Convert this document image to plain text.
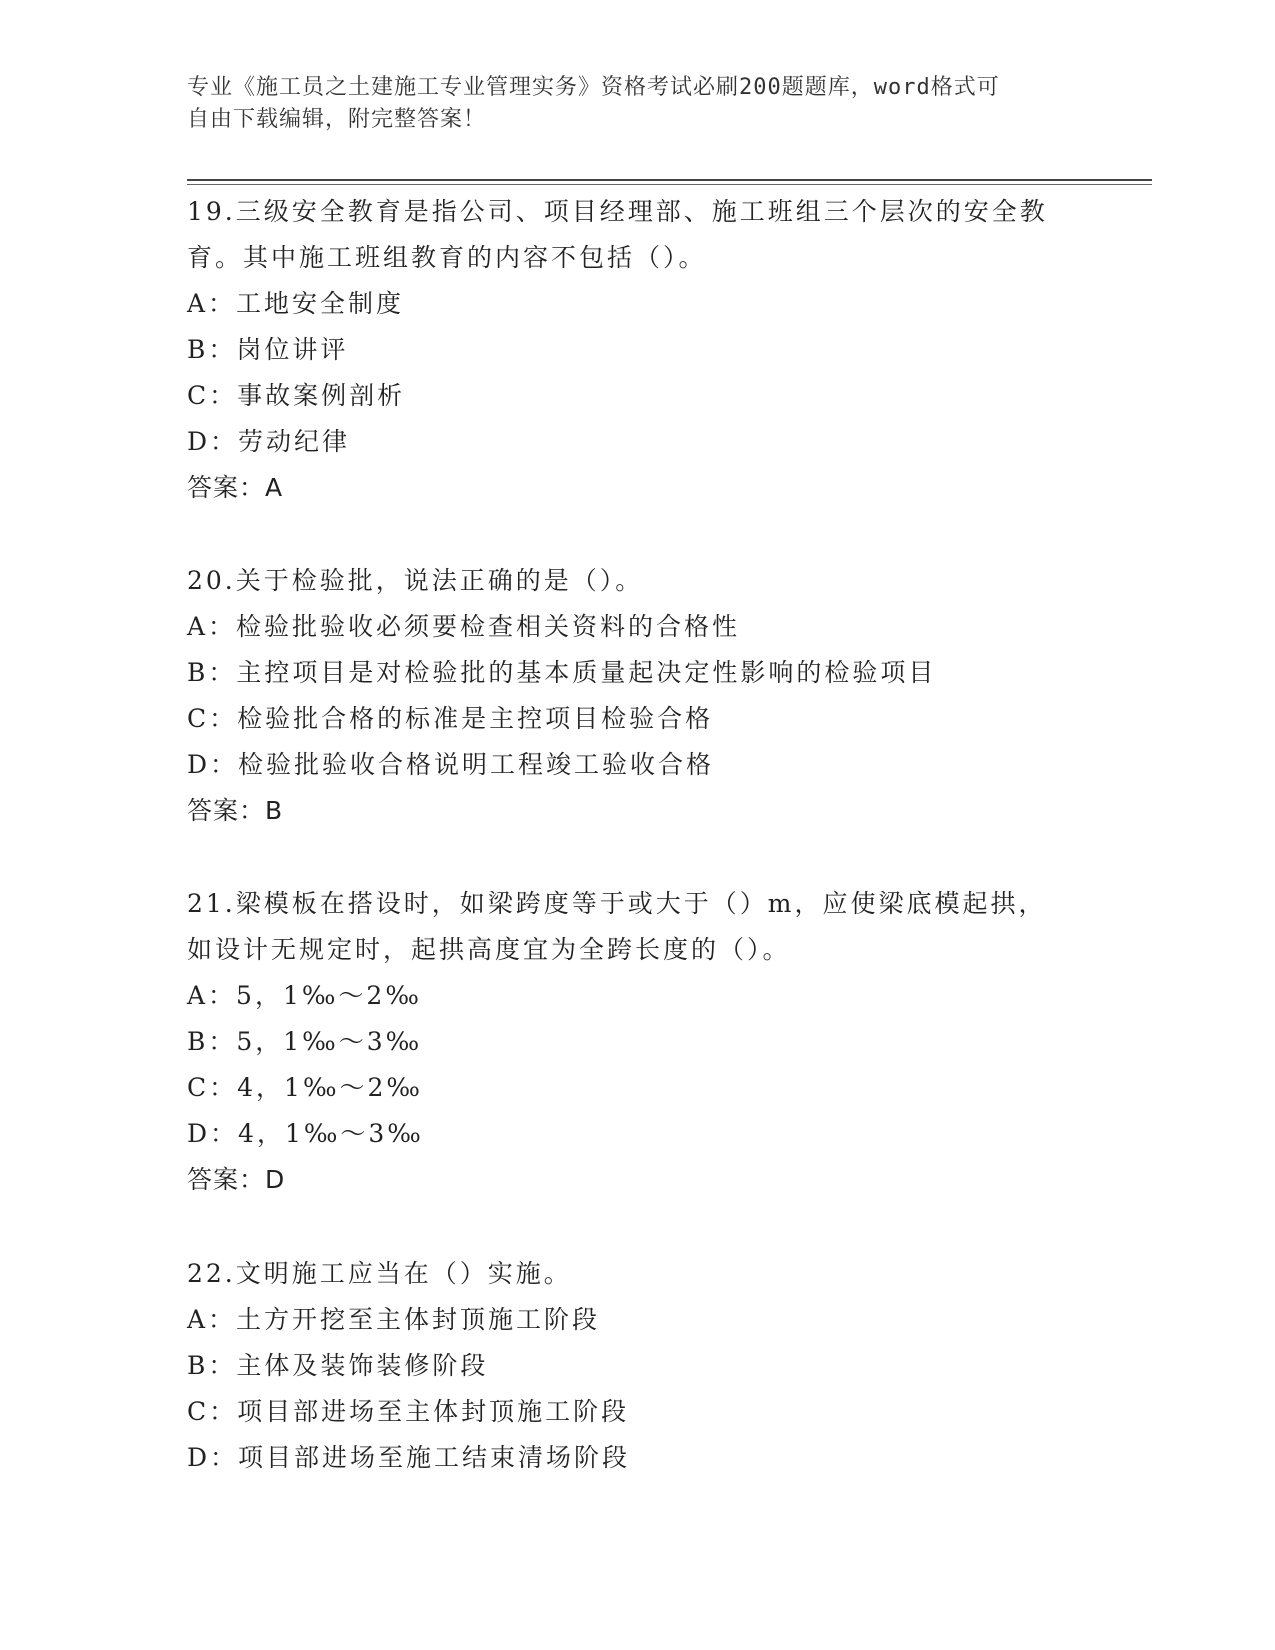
专业《施工员之土建施工专业管理实务》资格考试必刷200题题库，word格式可
自由下载编辑，附完整答案！
19.三级安全教育是指公司、项目经理部、施工班组三个层次的安全教
育。其中施工班组教育的内容不包括（）。
A：工地安全制度
B：岗位讲评
C：事故案例剖析
D：劳动纪律
答案：A
20.关于检验批，说法正确的是（）。
A：检验批验收必须要检查相关资料的合格性
B：主控项目是对检验批的基本质量起决定性影响的检验项目
C：检验批合格的标准是主控项目检验合格
D：检验批验收合格说明工程竣工验收合格
答案：B
21.梁模板在搭设时，如梁跨度等于或大于（）m，应使梁底模起拱，
如设计无规定时，起拱高度宜为全跨长度的（）。
A：5，1‰～2‰
B：5，1‰～3‰
C：4，1‰～2‰
D：4，1‰～3‰
答案：D
22.文明施工应当在（）实施。
A：土方开挖至主体封顶施工阶段
B：主体及装饰装修阶段
C：项目部进场至主体封顶施工阶段
D：项目部进场至施工结束清场阶段
